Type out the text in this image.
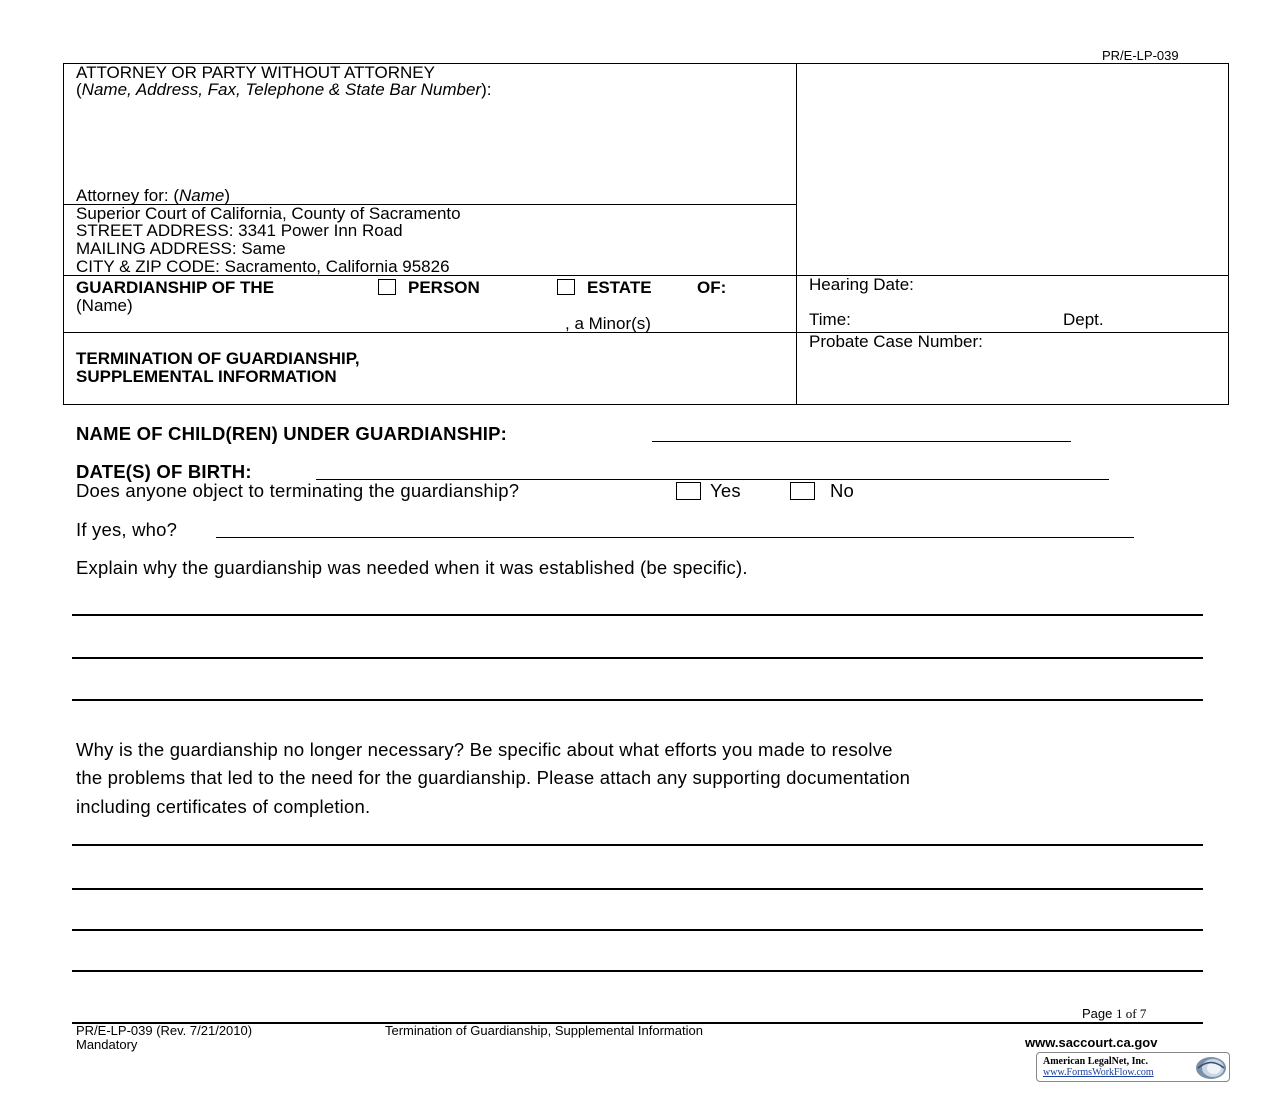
PR/E-LP-039
ATTORNEY OR PARTY WITHOUT ATTORNEY
(Name, Address, Fax, Telephone & State Bar Number):
Attorney for: (Name)
Superior Court of California, County of Sacramento
STREET ADDRESS: 3341 Power Inn Road
MAILING ADDRESS: Same
CITY & ZIP CODE: Sacramento, California 95826
GUARDIANSHIP OF THE	PERSON	ESTATE	OF:
(Name)
, a Minor(s)
Hearing Date:
Time:	Dept.
TERMINATION OF GUARDIANSHIP,
SUPPLEMENTAL INFORMATION
Probate Case Number:
NAME OF CHILD(REN) UNDER GUARDIANSHIP:
DATE(S) OF BIRTH:
Does anyone object to terminating the guardianship?	Yes	No
If yes, who?
Explain why the guardianship was needed when it was established (be specific).
Why is the guardianship no longer necessary? Be specific about what efforts you made to resolve
the problems that led to the need for the guardianship. Please attach any supporting documentation
including certificates of completion.
Page 1 of 7
PR/E-LP-039 (Rev. 7/21/2010)
Mandatory
Termination of Guardianship, Supplemental Information
www.saccourt.ca.gov
American LegalNet, Inc.
www.FormsWorkFlow.com
